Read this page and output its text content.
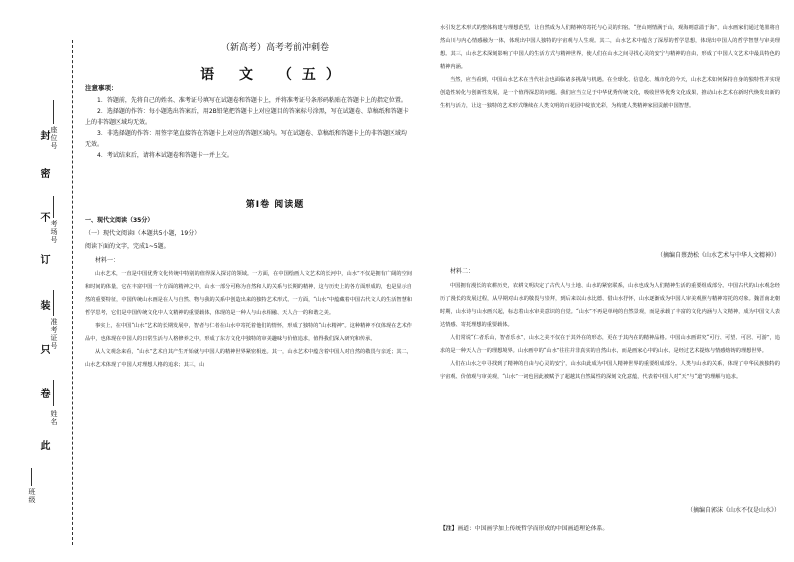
此
卷
只
装
订
不
密
封
班级
姓名
准考证号
考场号
座位号
（新高考）高考考前冲刺卷
语 文 （五）
注意事项：

1．答题前，先将自己的姓名、准考证号填写在试题卷和答题卡上，并将准考证号条形码粘贴在答题卡上的指定位置。

2．选择题的作答：每小题选出答案后，用2B铅笔把答题卡上对应题目的答案标号涂黑，写在试题卷、草稿纸和答题卡上的非答题区域均无效。

3．非选择题的作答：用签字笔直接答在答题卡上对应的答题区域内。写在试题卷、草稿纸和答题卡上的非答题区域均无效。

4．考试结束后，请将本试题卷和答题卡一并上交。

第Ⅰ卷 阅读题
一、现代文阅读（35分）
（一）现代文阅读Ⅰ（本题共5小题，19分）
阅读下面的文字，完成1~5题。
材料一：

山水艺术，一直是中国优秀文化传统中特别的值得深入探讨的领域。一方面，在中国绘画人文艺术的长河中，山水”不仅是拥有广阔的空间和时间的体量，它在丰富中国一个方面的精神之中，山水一部分可称为自然和人的关系与长期的精神，这与历史上的各方面形成的，也是显示自然的重要特征，中国传统山水画是在人与自然、物与我的关系中创造出来的独特艺术形式。一方面，“山水”中蕴藏着中国古代文人的生活智慧和哲学思考，它们是中国传统文化中人文精神的重要载体，体现的是一种人与山水相融、天人合一的和谐之美。

事实上，在中国“山水”艺术的长期发展中，智者与仁者在山水中寄托着他们的情怀，形成了独特的“山水精神”。这种精神不仅体现在艺术作品中，也体现在中国人的日常生活与人格修养之中，形成了东方文化中独特的审美趣味与价值追求，值得我们深入研究和传承。

从人文观念来看，“山水”艺术自其产生开始就与中国人的精神世界紧密相连。其一，山水艺术中蕴含着中国人对自然的敬畏与亲近；其二，山水艺术体现了中国人对理想人格的追求；其三，山

水引发艺术形式的整体构建与理想范型，让自然成为人们精神的寄托与心灵的归宿。“登山则情满于山，观海则意溢于海”，山水画家们通过笔墨将自然山川与内心情感融为一体，体现出中国人独特的宇宙观与人生观。其二，山水艺术中蕴含了深厚的哲学思想，体现出中国人的哲学智慧与审美理想。其三，山水艺术深刻影响了中国人的生活方式与精神世界，使人们在山水之间寻找心灵的安宁与精神的自由，形成了中国人文艺术中最具特色的精神内涵。

当然，应当看到，中国山水艺术在当代社会也面临诸多挑战与机遇。在全球化、信息化、城市化的今天，山水艺术如何保持自身的独特性并实现创造性转化与创新性发展，是一个值得深思的问题。我们应当立足于中华优秀传统文化，吸收世界优秀文化成果，推动山水艺术在新时代焕发出新的生机与活力，让这一独特的艺术形式继续在人类文明的百花园中绽放光彩，为构建人类精神家园贡献中国智慧。

（摘编自蔡劲松《山水艺术与中华人文精神》）
材料二：

中国拥有漫长的农耕历史，农耕文明决定了古代人与土地、山水的紧密联系，山水也成为人们精神生活的重要组成部分。中国古代的山水观念经历了漫长的发展过程，从早期对山水的敬畏与崇拜，到后来以山水比德、借山水抒怀，山水逐渐成为中国人审美观照与精神寄托的对象。魏晋南北朝时期，山水诗与山水画兴起，标志着山水审美意识的自觉。“山水”不再是单纯的自然景观，而是承载了丰富的文化内涵与人文精神，成为中国文人表达情感、寄托理想的重要载体。

人们常说“仁者乐山，智者乐水”，山水之美不仅在于其外在的形态，更在于其内在的精神品格。中国山水画讲究“可行、可望、可居、可游”，追求的是一种天人合一的理想境界。山水画中的“山水”往往并非真实的自然山水，而是画家心中的山水，是经过艺术提炼与情感熔铸的理想世界。

人们在山水之中寻找到了精神的自由与心灵的安宁，山水由此成为中国人精神世界的重要组成部分。人类与山水的关系，体现了中华民族独特的宇宙观、价值观与审美观，“山水”一词也因此被赋予了超越其自然属性的深刻文化意蕴，代表着中国人对“天”与“道”的理解与追求。

（摘编自郭沫《山水不仅是山水》）
【注】画道：中国画学加上传统哲学而形成的中国画道理论体系。
